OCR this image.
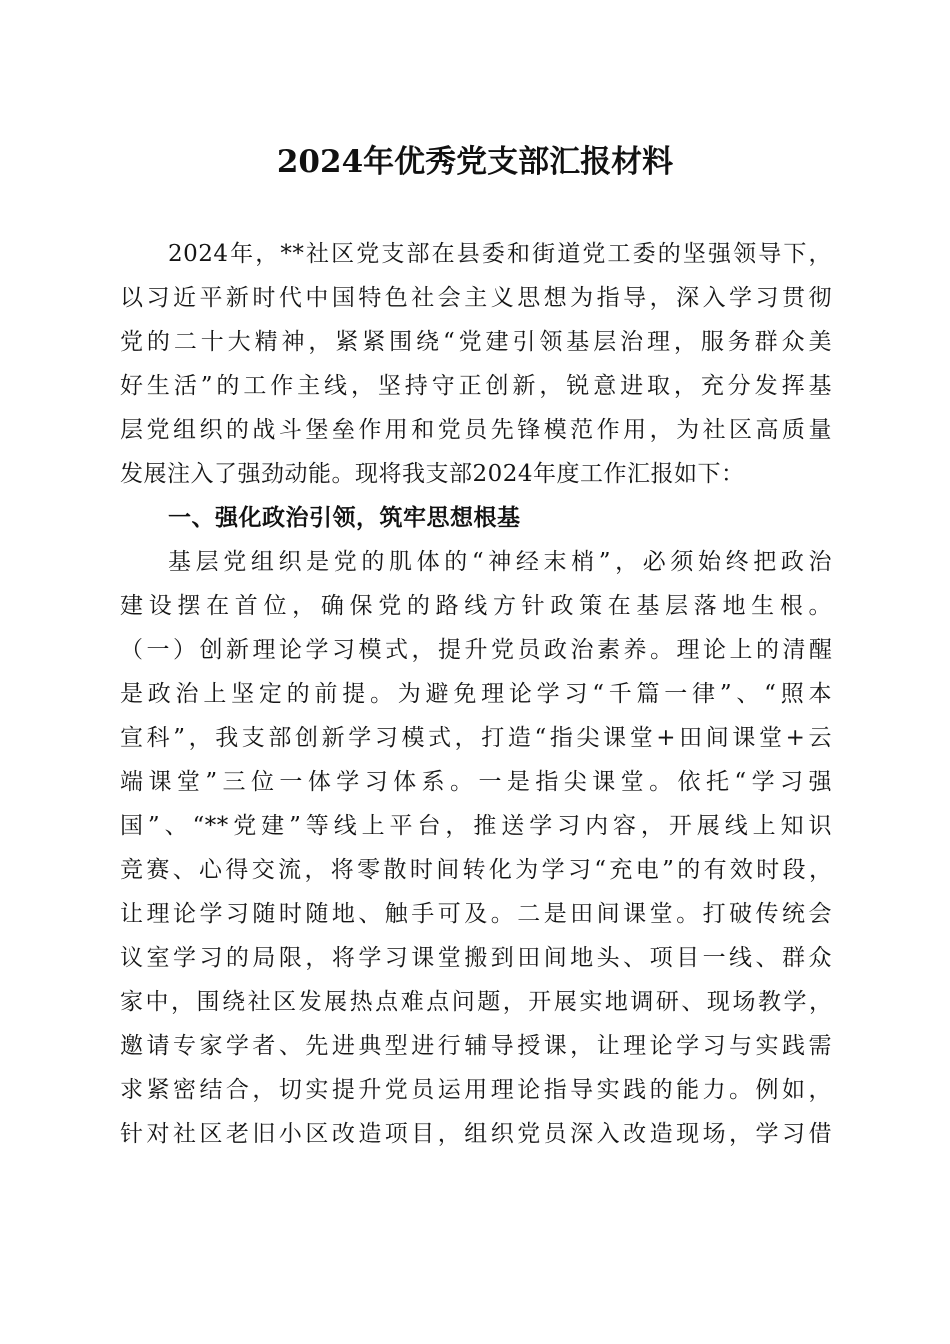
2024年优秀党支部汇报材料
2024年，**社区党支部在县委和街道党工委的坚强领导下，
以习近平新时代中国特色社会主义思想为指导，深入学习贯彻
党的二十大精神，紧紧围绕“党建引领基层治理，服务群众美
好生活”的工作主线，坚持守正创新，锐意进取，充分发挥基
层党组织的战斗堡垒作用和党员先锋模范作用，为社区高质量
发展注入了强劲动能。现将我支部2024年度工作汇报如下：
一、强化政治引领，筑牢思想根基
基层党组织是党的肌体的“神经末梢”，必须始终把政治
建设摆在首位，确保党的路线方针政策在基层落地生根。
（一）创新理论学习模式，提升党员政治素养。理论上的清醒
是政治上坚定的前提。为避免理论学习“千篇一律”、“照本
宣科”，我支部创新学习模式，打造“指尖课堂+田间课堂+云
端课堂”三位一体学习体系。一是指尖课堂。依托“学习强
国”、“**党建”等线上平台，推送学习内容，开展线上知识
竞赛、心得交流，将零散时间转化为学习“充电”的有效时段，
让理论学习随时随地、触手可及。二是田间课堂。打破传统会
议室学习的局限，将学习课堂搬到田间地头、项目一线、群众
家中，围绕社区发展热点难点问题，开展实地调研、现场教学，
邀请专家学者、先进典型进行辅导授课，让理论学习与实践需
求紧密结合，切实提升党员运用理论指导实践的能力。例如，
针对社区老旧小区改造项目，组织党员深入改造现场，学习借
